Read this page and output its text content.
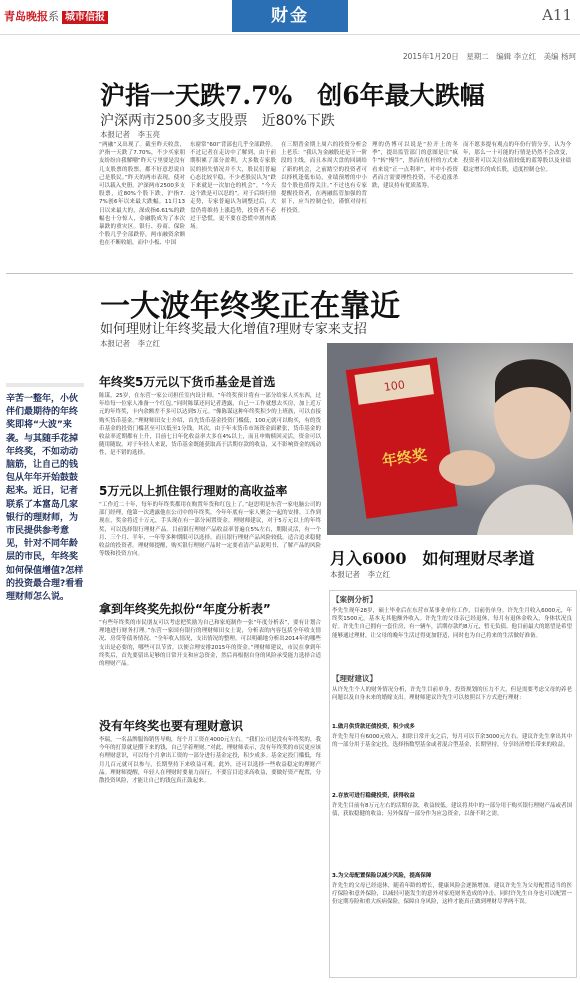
青岛晚报系 城市信报	财金	A11
2015年1月20日　星期二　编辑 李立红　美编 杨珂
沪指一天跌7.7%　创6年最大跌幅
沪深两市2500多支股票　近80%下跌
本报记者　李玉亮
“两融”又出现了。截至昨天收盘，沪指一天跌了7.70%，不少买家朋友纷纷自我解嘲“昨天亏里要是没有几支股票的股票，都不好意思说自己是股民。”昨天的两市表现，使对可以载入史册。沪深两市2500多支股票，近80%个股下跌，沪指7.7%创6年以来最大跌幅。11月13日以来最大的，深成指6.61%的跌幅也十分惊人，金融股成为了本次暴跌的重灾区。银行、券商、保险个股几乎全部跌停，两市融资余额也在不断收缩，而中小板、中国
东窗常“60I”背部也几乎全部跌停。不过记者在走访中了解到，由于前期积累了部分盈利，大多数专家股民的损失情况并不大，股民们普遍心态比较平稳，不少老股民认为“跌下来就是一次加仓的机会”，“今天这个跌是可以忍的”。对于后续行情走势，专家普遍认为调整过后，大盘仍将维持上涨趋势，投资者不必过于恐慌，更不要在恐慌中割肉离场。
在三期普金期上周六的投资分析会上老乐：“我认为金融股还是下一阶段的主线，而且本周大盘的回调给了新的机会，之前踏空的投资者可以择机逢低布局，业绩预增的中小盘个股也值得关注。”不过也有专家提醒投资者，在两融监管加强的背景下，应当控制仓位，谨慎对待杠杆投资。
理的仍博可以说是“拉开上的冬季”，提出监管部门的意图是让“疯牛”转“慢牛”，然而在杠杆的方式来看来说“正一点利率”，对中小投资者而言需要理性投资，不必追涨杀跌，建议持有优质蓝筹。
而不愿多提有观点的年份行情分享，认为今年，那么一十可能的行情是仍然不会改变，投资者可以关注估值较低的蓝筹股以及业绩稳定增长的成长股，适度控制仓位。
一大波年终奖正在靠近
如何理财让年终奖最大化增值?理财专家来支招
本报记者　李立红
辛苦一整年，小伙伴们最期待的年终奖即将“大波”来袭。与其随手花掉年终奖，不如动动脑筋，让自己的钱包从年年开始鼓鼓起来。近日，记者联系了本富岛几家银行的理财师，为市民提供参考意见，针对不同年龄层的市民，年终奖如何保值增值?怎样的投资最合理?看看理财师怎么说。
年终奖5万元以下货币基金是首选
陈谋，25岁，在东营一家公司担任室内设计师。“年终奖预计将有一部分给家人买东西，过年给每一位家人准备一个红包。”同时陈谋还问记者透露，自己一工作就想去买房，加上近万元的年终奖，卡内余额差不多可以达到5万元。“像陈谋这种年终奖积少的上班族，可以直接购买货币基金。”理财师田女士介绍，首先货币基金投资门槛低，100元就可以购买，有的货币基金的投资门槛甚至可以低至1分钱。其次，由于年末货币市场资金面紧张，货币基金的收益率近期都有上升，目前七日年化收益率大多在4%以上，而且申购赎回灵活，资金可以随用随取。对于年轻人来说，货币基金既能获取高于活期存款的收益，又不影响资金的流动性，是不错的选择。
5万元以上抓住银行理财的高收益率
“工作近二十年，每年的年终奖都用在购置年货和红包上了。”赵思明是东营一家电脑公司的部门经理，他第一次透露他在公司中的年终奖，今年年底有一家人聚会一起的安排。工作到现在，奖金将近十万元，手头现在有一部分闲置资金。理财师建议，对于5万元以上的年终奖，可以选择银行理财产品。目前银行理财产品收益率普遍在5%左右，期限灵活，有一个月、三个月、半年、一年等多种期限可以选择。而且银行理财产品风险较低，适合追求稳健收益的投资者。理财师提醒，购买银行理财产品时一定要看清产品说明书，了解产品的风险等级和投资方向。
拿到年终奖先拟份“年度分析表”
“有些年终奖的市民朋友可以考虑把奖励为自己和家庭制作一张“年度分析表”，要有计划合理地进行财务打理。”东营一家国有银行的理财师田女士说，分析表的内容包括全年收支情况、房贷等债务情况、“全年收入情况，支出情况的整理。可以明确地分析出2014年的哪些支出是必要的，哪些可以节省，以便合理安排2015年的资金。”理财师建议，市民在拿到年终奖后，首先要留出足够的日常开支和应急资金，然后再根据自身的风险承受能力选择合适的理财产品。
没有年终奖也要有理财意识
李瑞，一名品牌服饰销售导购，每个月工资在4000元左右。“我们公司是没有年终奖的，我今年的打算就是攒下来的钱，自己学着理财。”对此，理财师表示，没有年终奖的市民更应该有理财意识，可以每个月拿出工资的一部分进行基金定投，积少成多。基金定投门槛低，每月几百元就可以参与，长期坚持下来收益可观。此外，还可以选择一些收益稳定的理财产品。理财师提醒，年轻人在理财时要量力而行，不要盲目追求高收益，要做好资产配置，分散投资风险，才能让自己的钱包真正鼓起来。
100
年终奖
月入6000　如何理财尽孝道
本报记者　李立红
【案例分析】
李先生现年28岁，硕士毕业后在东营市某事业单位工作，目前仍单身。许先生月收入6000元，年终奖1500元，基本无其他额外收入。许先生的父母亲已经退休，每月有退休金收入，身体状况良好。许先生自己拥有一套住房，有一辆车，活期存款约8万元，暂无负债。他目前最大的愿望是希望能够通过理财，让父母的晚年生活过得更加舒适，同时也为自己将来的生活做好准备。
【理财建议】
从许先生个人的财务情况分析，许先生目前单身，投资规划的压力不大，但是需要考虑父母的养老问题以及自身未来的婚嫁支出。理财师建议许先生可以按照以下方式进行理财：
1.做月供贷款还债投资，积少成多
许先生每月有6000元收入，扣除日常开支之后，每月可以节余3000元左右。建议许先生拿出其中的一部分用于基金定投，选择指数型基金或者混合型基金，长期坚持，分享经济增长带来的收益。
2.存放可进行稳健投资，获得收益
许先生目前有8万元左右的活期存款，收益较低。建议将其中的一部分用于购买银行理财产品或者国债，获取稳健的收益；另外保留一部分作为应急资金，以备不时之需。
3.为父母配置保险以减少风险，提高保障
许先生的父母已经退休，随着年龄的增长，健康风险会逐渐增加。建议许先生为父母配置适当的医疗保险和意外保险，以减轻可能发生的意外对家庭财务造成的冲击。同时许先生自身也可以配置一份定期寿险和重大疾病保险，保障自身风险，这样才能真正做到理财尽孝两不误。
